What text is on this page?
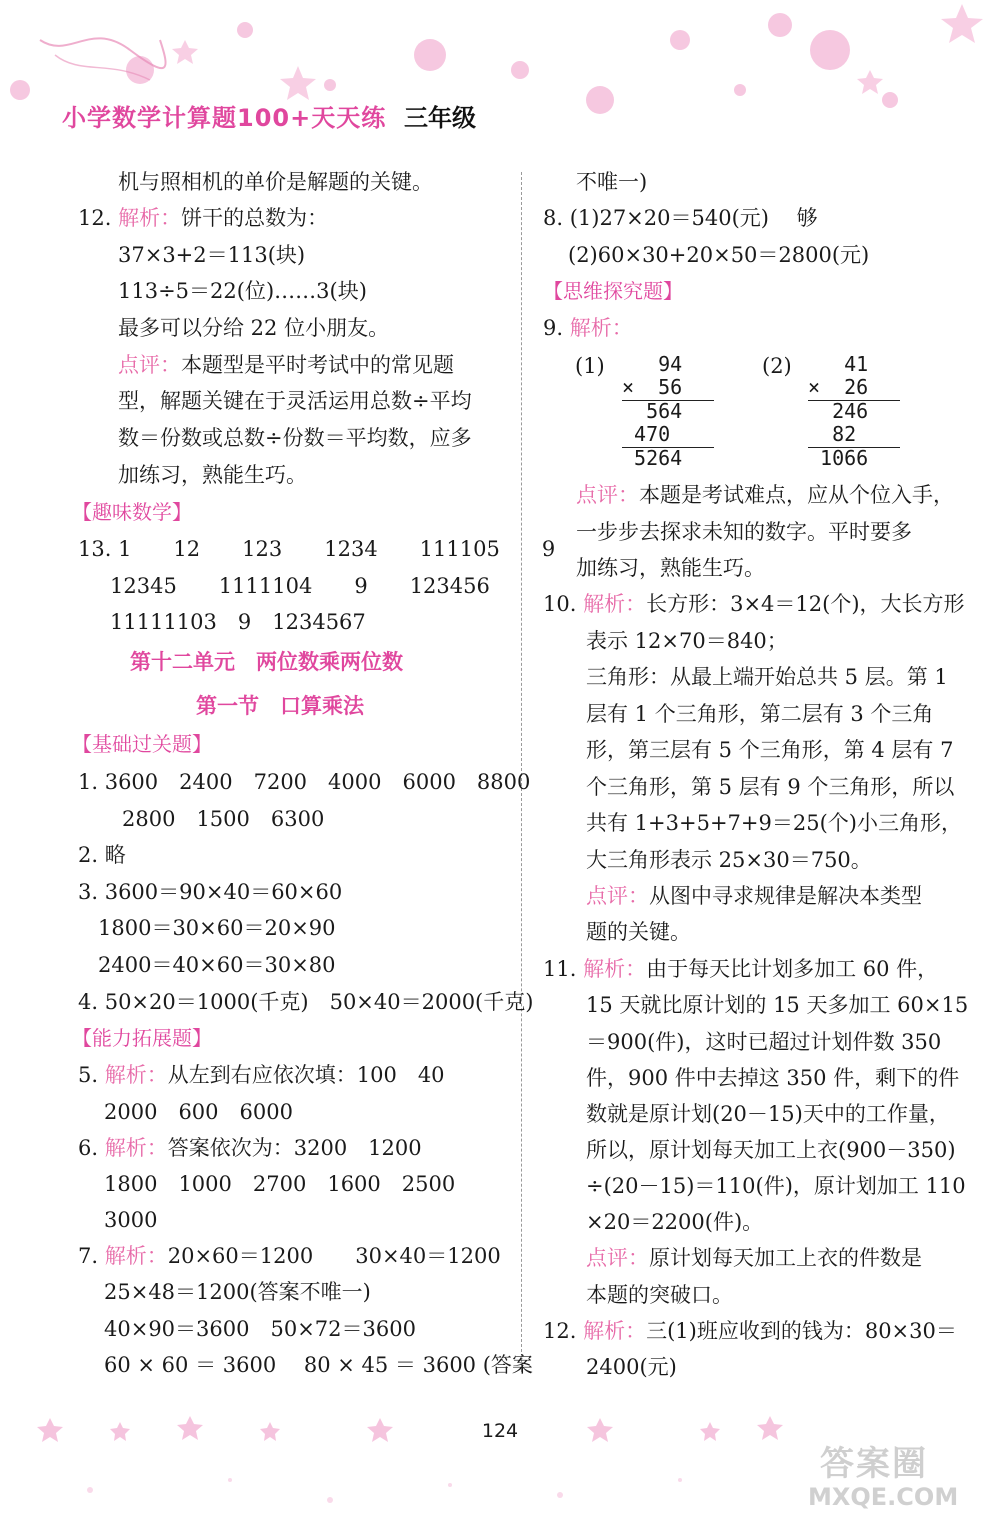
小学数学计算题100+天天练 三年级
机与照相机的单价是解题的关键。
12. 解析：饼干的总数为：
37×3+2＝113(块)
113÷5＝22(位)……3(块)
最多可以分给 22 位小朋友。
点评：本题型是平时考试中的常见题
型，解题关键在于灵活运用总数÷平均
数＝份数或总数÷份数＝平均数，应多
加练习，熟能生巧。
【趣味数学】
13. 1　　12　　123　　1234　　111105　　9
12345　　1111104　　9　　123456
11111103　9　1234567
第十二单元　两位数乘两位数
第一节　口算乘法
【基础过关题】
1. 3600　2400　7200　4000　6000　8800
2800　1500　6300
2. 略
3. 3600＝90×40＝60×60
1800＝30×60＝20×90
2400＝40×60＝30×80
4. 50×20＝1000(千克)　50×40＝2000(千克)
【能力拓展题】
5. 解析：从左到右应依次填：100　40
2000　600　6000
6. 解析：答案依次为：3200　1200
1800　1000　2700　1600　2500
3000
7. 解析：20×60＝1200　　30×40＝1200
25×48＝1200(答案不唯一)
40×90＝3600　50×72＝3600
60 × 60 ＝ 3600　 80 × 45 ＝ 3600 (答案
不唯一)
8. (1)27×20＝540(元)　 够
(2)60×30+20×50＝2800(元)
【思维探究题】
9. 解析：
(1) 94
×  56
564
470
5264
(2) 41
×  26
246
82
1066
点评：本题是考试难点，应从个位入手，
一步步去探求未知的数字。平时要多
加练习，熟能生巧。
10. 解析：长方形：3×4＝12(个)，大长方形
表示 12×70＝840；
三角形：从最上端开始总共 5 层。第 1
层有 1 个三角形，第二层有 3 个三角
形，第三层有 5 个三角形，第 4 层有 7
个三角形，第 5 层有 9 个三角形，所以
共有 1+3+5+7+9＝25(个)小三角形，
大三角形表示 25×30＝750。
点评：从图中寻求规律是解决本类型
题的关键。
11. 解析：由于每天比计划多加工 60 件，
15 天就比原计划的 15 天多加工 60×15
＝900(件)，这时已超过计划件数 350
件，900 件中去掉这 350 件，剩下的件
数就是原计划(20－15)天中的工作量，
所以，原计划每天加工上衣(900－350)
÷(20－15)＝110(件)，原计划加工 110
×20＝2200(件)。
点评：原计划每天加工上衣的件数是
本题的突破口。
12. 解析：三(1)班应收到的钱为：80×30＝
2400(元)
124
答案圈
MXQE.COM
